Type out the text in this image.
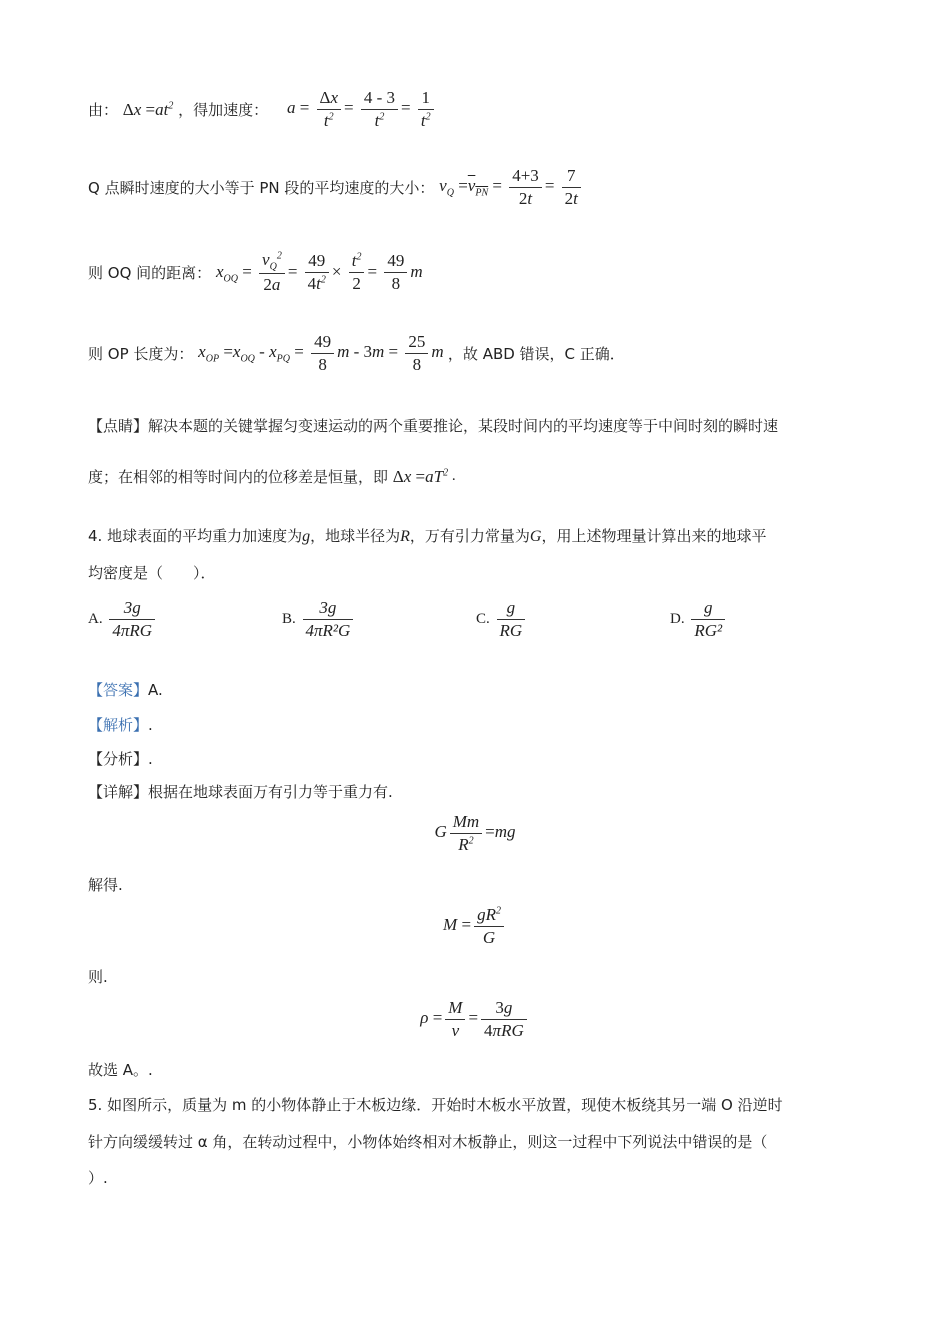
由： $\Delta x =at^2$ ，得加速度： $a = \frac{\Delta x}{t^2} = \frac{4 - 3}{t^2} = \frac{1}{t^2}$
Q 点瞬时速度的大小等于 PN 段的平均速度的大小： $v_Q =v_{PN} = \frac{4+3}{2t} = \frac{7}{2t}$
则 OQ 间的距离： $x_{OQ} = \frac{v_Q^2}{2a} = \frac{49}{4t^2} \times \frac{t^2}{2} = \frac{49}{8}$ m
则 OP 长度为： $x_{OP} =x_{OQ} - x_{PQ} = \frac{49}{8}$ $m - 3m = \frac{25}{8}$ m ，故 ABD 错误，C 正确．
【点睛】解决本题的关键掌握匀变速运动的两个重要推论，某段时间内的平均速度等于中间时刻的瞬时速
度；在相邻的相等时间内的位移差是恒量，即 $\Delta x =aT^2$ .
4. 地球表面的平均重力加速度为g，地球半径为R，万有引力常量为G，用上述物理量计算出来的地球平
均密度是（　　）．
A. $\frac{3g}{\text{4πRG}}$	B. $\frac{3g}{\text{4πR²G}}$	C. $\frac{g}{RG}$	D. $\frac{g}{\text{RG²}}$
【答案】A.
【解析】.
【分析】.
【详解】根据在地球表面万有引力等于重力有.
G $\frac{Mm}{R^2} =mg$
解得.
$M = \frac{gR^2}{G}$
则.
$\rho = \frac{M}{v} = \frac{3g}{\text{4πRG}}$
故选 A。.
5. 如图所示，质量为 m 的小物体静止于木板边缘．开始时木板水平放置，现使木板绕其另一端 O 沿逆时
针方向缓缓转过 α 角，在转动过程中，小物体始终相对木板静止，则这一过程中下列说法中错误的是（
）.
